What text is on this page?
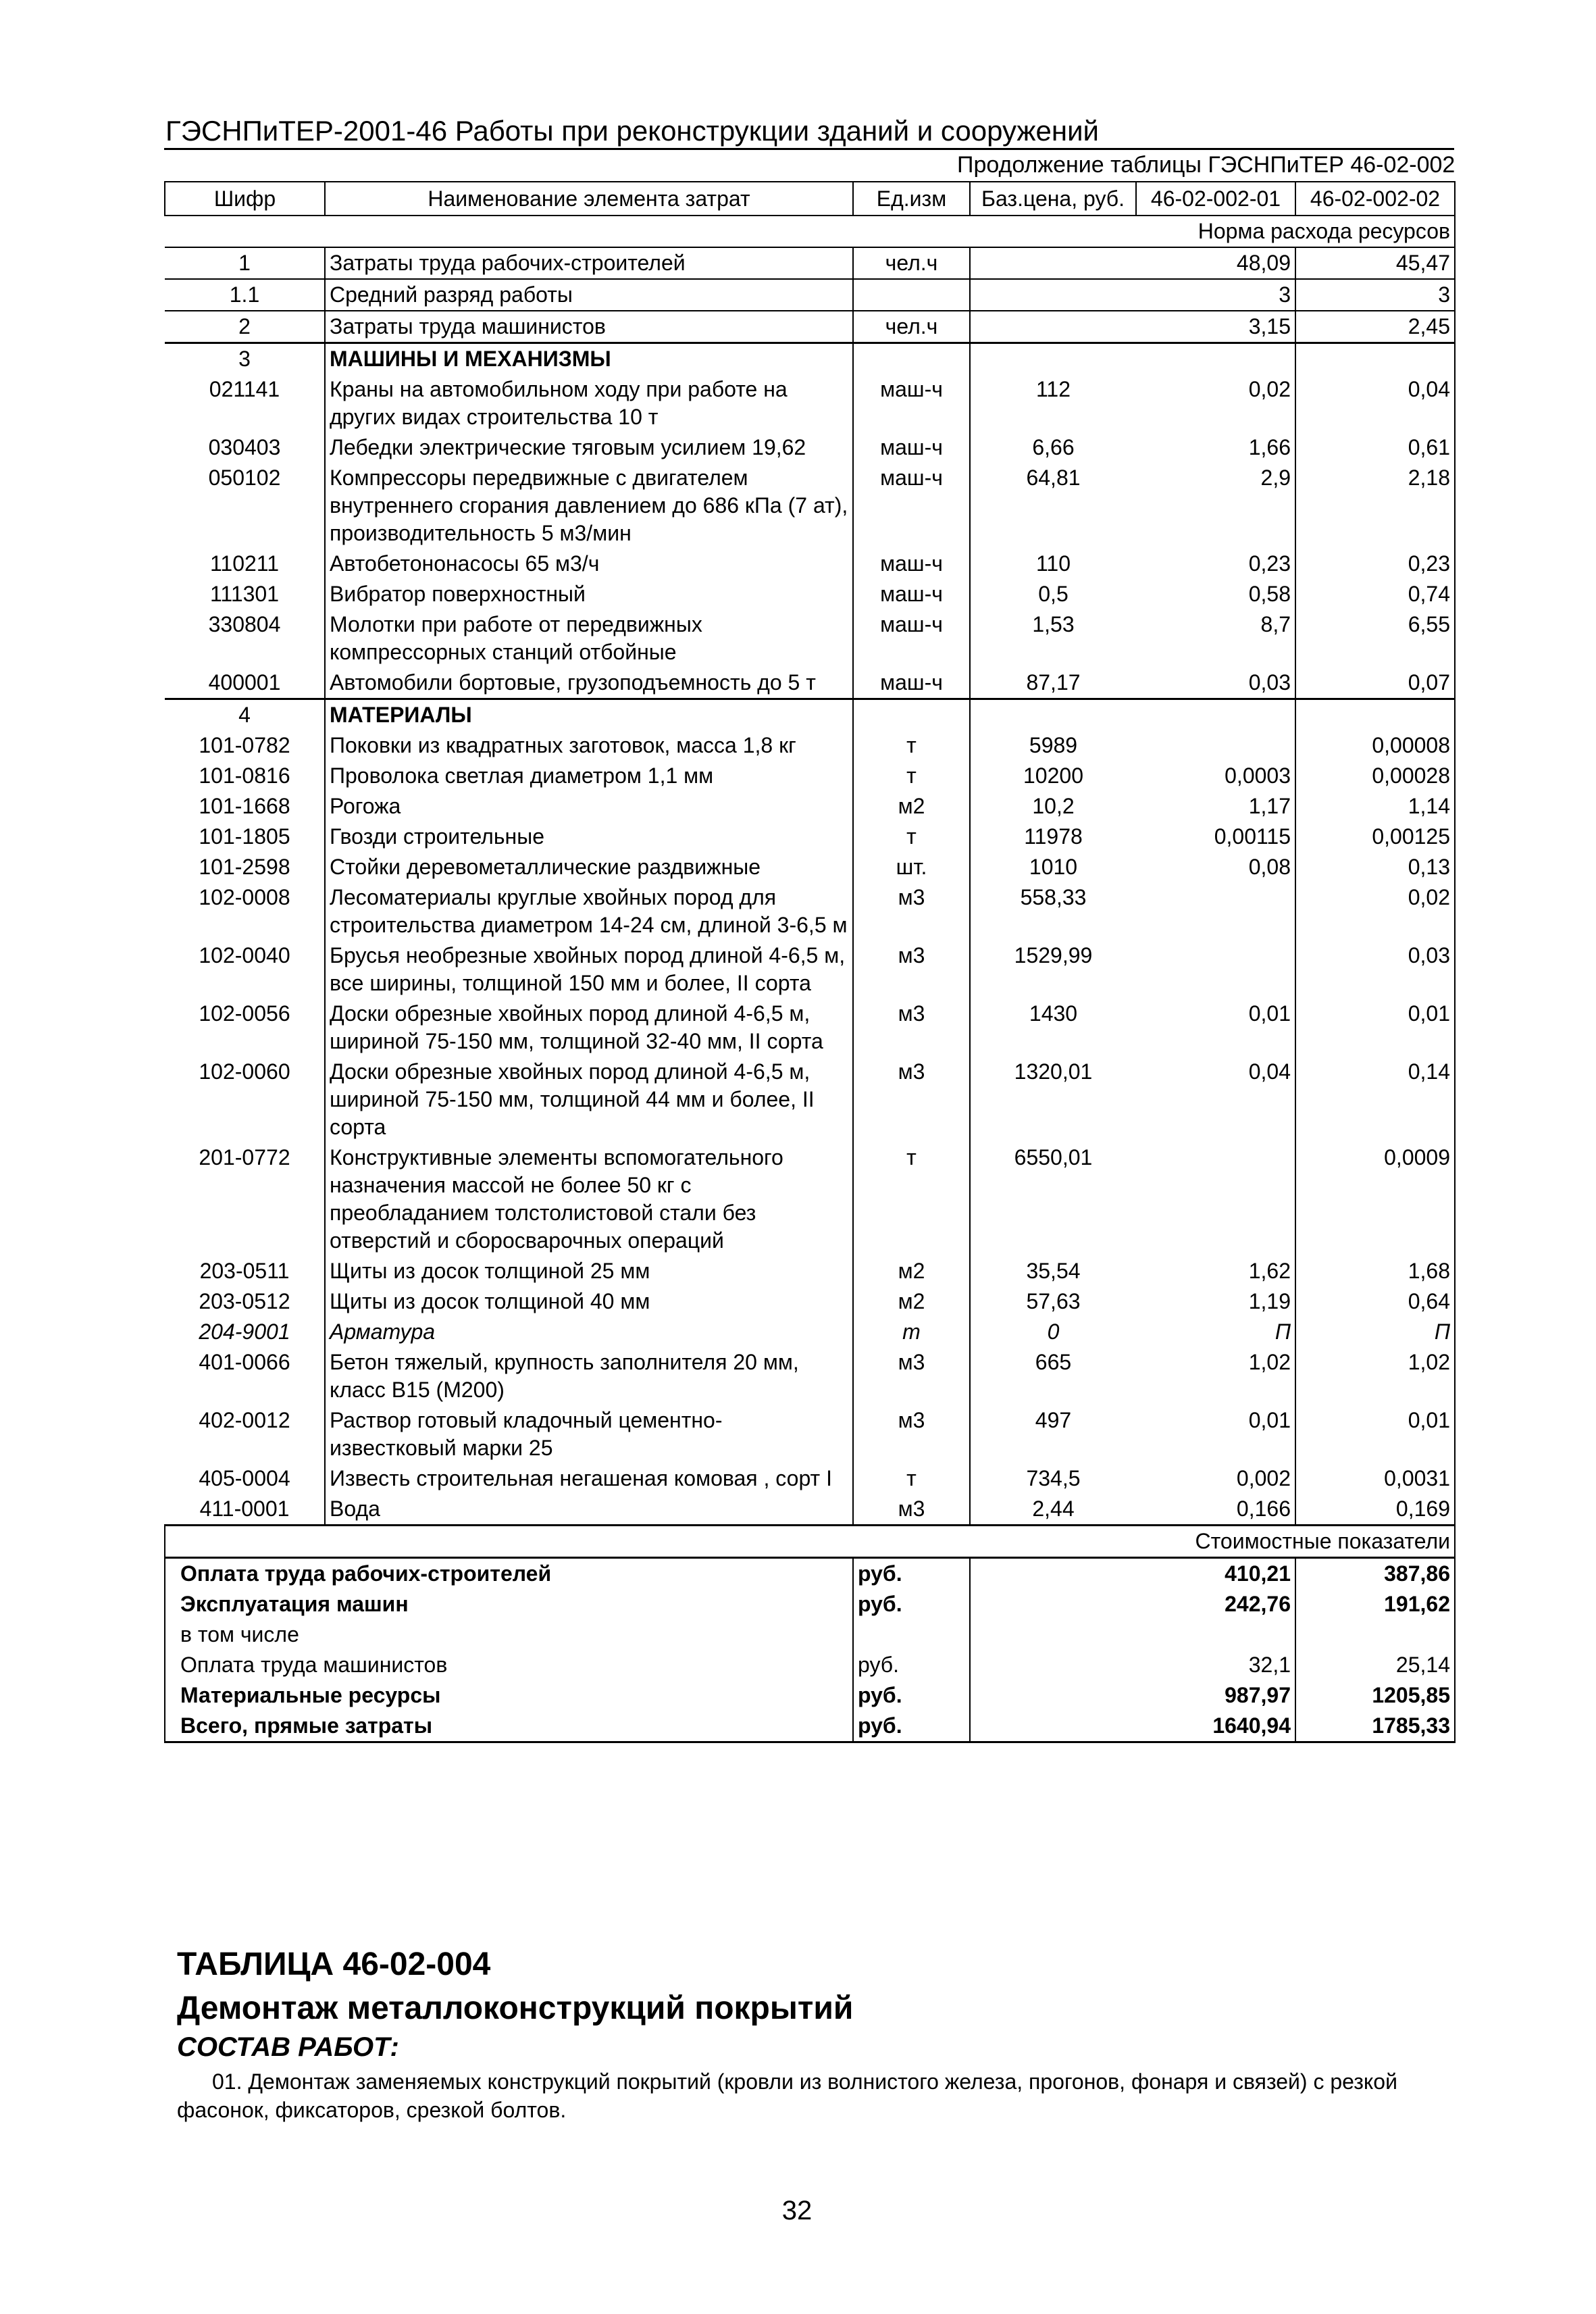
ГЭСНПиТЕР-2001-46 Работы при реконструкции зданий и сооружений
Продолжение таблицы ГЭСНПиТЕР 46-02-002
Шифр	Наименование элемента затрат	Ед.изм	Баз.цена, руб.	46-02-002-01	46-02-002-02
Норма расхода ресурсов					
1	Затраты труда рабочих-строителей	чел.ч		48,09	45,47
1.1	Средний разряд работы			3	3
2	Затраты труда машинистов	чел.ч		3,15	2,45
3	МАШИНЫ И МЕХАНИЗМЫ				
021141	Краны на автомобильном ходу при работе на других видах строительства 10 т	маш-ч	112	0,02	0,04
030403	Лебедки электрические тяговым усилием 19,62	маш-ч	6,66	1,66	0,61
050102	Компрессоры передвижные с двигателем внутреннего сгорания давлением до 686 кПа (7 ат), производительность 5 м3/мин	маш-ч	64,81	2,9	2,18
110211	Автобетононасосы 65 м3/ч	маш-ч	110	0,23	0,23
111301	Вибратор поверхностный	маш-ч	0,5	0,58	0,74
330804	Молотки при работе от передвижных компрессорных станций отбойные	маш-ч	1,53	8,7	6,55
400001	Автомобили бортовые, грузоподъемность до 5 т	маш-ч	87,17	0,03	0,07
4	МАТЕРИАЛЫ				
101-0782	Поковки из квадратных заготовок, масса 1,8 кг	т	5989		0,00008
101-0816	Проволока светлая диаметром 1,1 мм	т	10200	0,0003	0,00028
101-1668	Рогожа	м2	10,2	1,17	1,14
101-1805	Гвозди строительные	т	11978	0,00115	0,00125
101-2598	Стойки деревометаллические раздвижные	шт.	1010	0,08	0,13
102-0008	Лесоматериалы круглые хвойных пород для строительства диаметром 14-24 см, длиной 3-6,5 м	м3	558,33		0,02
102-0040	Брусья необрезные хвойных пород длиной 4-6,5 м, все ширины, толщиной 150 мм и более, II сорта	м3	1529,99		0,03
102-0056	Доски обрезные хвойных пород длиной 4-6,5 м, шириной 75-150 мм, толщиной 32-40 мм, II сорта	м3	1430	0,01	0,01
102-0060	Доски обрезные хвойных пород длиной 4-6,5 м, шириной 75-150 мм, толщиной 44 мм и более, II сорта	м3	1320,01	0,04	0,14
201-0772	Конструктивные элементы вспомогательного назначения массой не более 50 кг с преобладанием толстолистовой стали без отверстий и сборосварочных операций	т	6550,01		0,0009
203-0511	Щиты из досок толщиной 25 мм	м2	35,54	1,62	1,68
203-0512	Щиты из досок толщиной 40 мм	м2	57,63	1,19	0,64
204-9001	Арматура	т	0	П	П
401-0066	Бетон тяжелый, крупность заполнителя 20 мм, класс В15 (М200)	м3	665	1,02	1,02
402-0012	Раствор готовый кладочный цементно-известковый марки 25	м3	497	0,01	0,01
405-0004	Известь строительная негашеная комовая , сорт I	т	734,5	0,002	0,0031
411-0001	Вода	м3	2,44	0,166	0,169
Стоимостные показатели					
Оплата труда рабочих-строителей		руб.		410,21	387,86
Эксплуатация машин		руб.		242,76	191,62
в том числе					
Оплата труда машинистов		руб.		32,1	25,14
Материальные ресурсы		руб.		987,97	1205,85
Всего, прямые затраты		руб.		1640,94	1785,33
ТАБЛИЦА 46-02-004
Демонтаж металлоконструкций покрытий
СОСТАВ РАБОТ:
01. Демонтаж заменяемых конструкций покрытий (кровли из волнистого железа, прогонов, фонаря и связей) с резкой фасонок, фиксаторов, срезкой болтов.
32
